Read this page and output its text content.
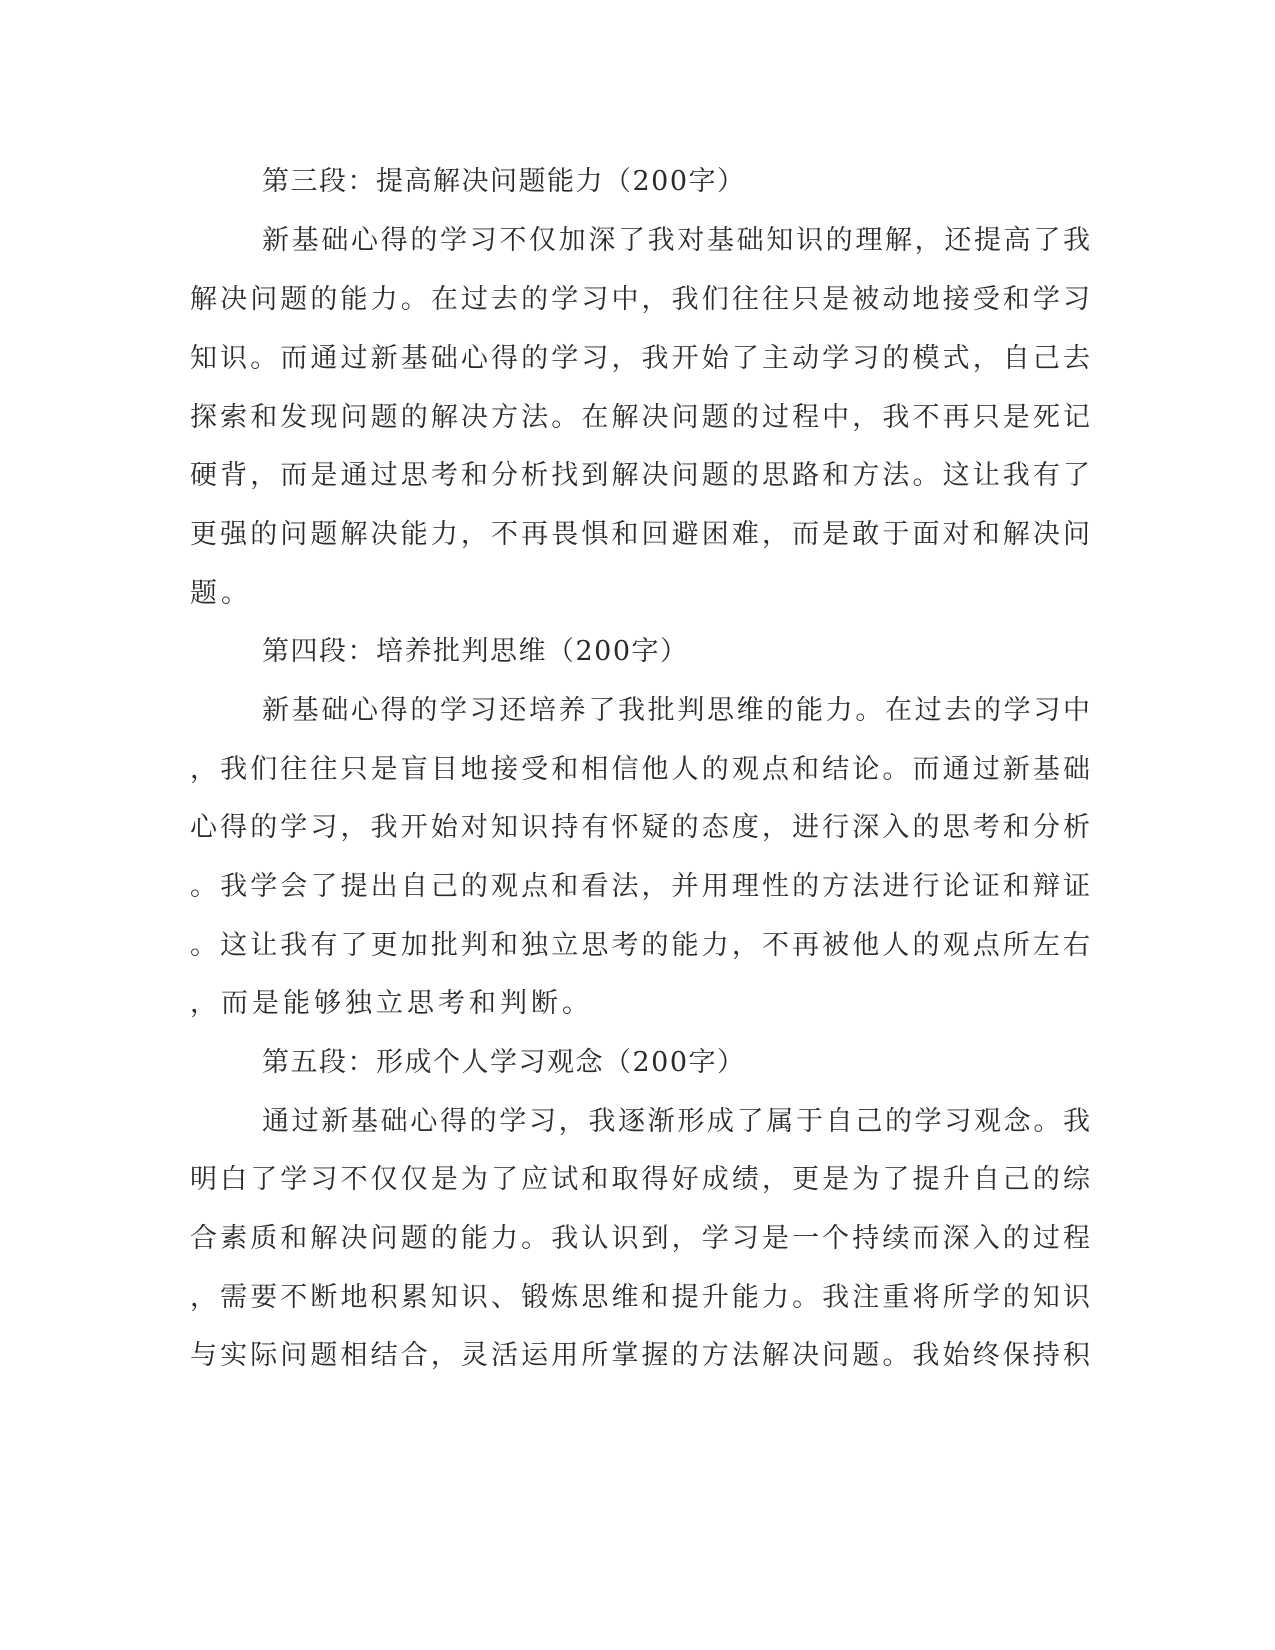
第三段：提高解决问题能力（200字）
新基础心得的学习不仅加深了我对基础知识的理解，还提高了我
解决问题的能力。在过去的学习中，我们往往只是被动地接受和学习
知识。而通过新基础心得的学习，我开始了主动学习的模式，自己去
探索和发现问题的解决方法。在解决问题的过程中，我不再只是死记
硬背，而是通过思考和分析找到解决问题的思路和方法。这让我有了
更强的问题解决能力，不再畏惧和回避困难，而是敢于面对和解决问
题。
第四段：培养批判思维（200字）
新基础心得的学习还培养了我批判思维的能力。在过去的学习中
，我们往往只是盲目地接受和相信他人的观点和结论。而通过新基础
心得的学习，我开始对知识持有怀疑的态度，进行深入的思考和分析
。我学会了提出自己的观点和看法，并用理性的方法进行论证和辩证
。这让我有了更加批判和独立思考的能力，不再被他人的观点所左右
，而是能够独立思考和判断。
第五段：形成个人学习观念（200字）
通过新基础心得的学习，我逐渐形成了属于自己的学习观念。我
明白了学习不仅仅是为了应试和取得好成绩，更是为了提升自己的综
合素质和解决问题的能力。我认识到，学习是一个持续而深入的过程
，需要不断地积累知识、锻炼思维和提升能力。我注重将所学的知识
与实际问题相结合，灵活运用所掌握的方法解决问题。我始终保持积
